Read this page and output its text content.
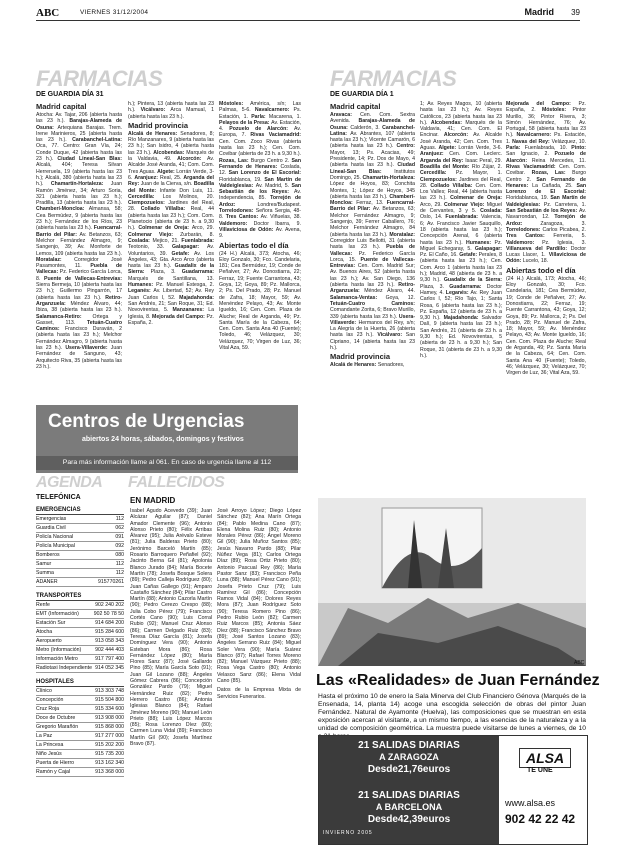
ABC	VIERNES 31/12/2004	Madrid 39
FARMACIAS
DE GUARDIA DÍA 31
Madrid capital
Atocha: Av. Tajar, 206 (abierta hasta las 23 h.). Barajas-Alameda de Osuna: Artequiana Barajas. Trem. Irene Marinieros, 25 (abierta hasta las 23 h.). Carabanchel-Latina: Oca, 77. Centro: Gran Vía, 24; Conde Duque, 42 (abierta hasta las 23 h.). Ciudad Lineal-San Blas: Alcalá, 404; Teresa Silvan Herreruela, 19 (abierta hasta las 23 h.); Alcalá, 380 (abierta hasta las 23 h.). Chamartín-Hortaleza: Juan Ramón Jiménez, 34; Arturo Soria, 321 (abierta hasta las 23 h.); Pradilla, 13 (abierta hasta las 23 h.). Chamberí-Moncloa: Almansa, 58; Cea Bermúdez, 9 (abierta hasta las 23 h.); Fernández de los Ríos, 23 (abierta hasta las 23 h.). Fuencarral-Barrio del Pilar: Av. Betanzos, 63; Melchor Fernández Almagro, 9; Sangenjo, 39; Av. Monforte de Lemos, 109 (abierta hasta las 23 h.). Moratalaz: Corregidor José Pasamontes, 11. Puebla de Vallecas: Pz. Federico García Lorca, 8. Puente de Vallecas-Entrevías: Sierra Bermeja, 10 (abierta hasta las 23 h.); Guillermo Pingarrón, 17 (abierta hasta las 23 h.). Retiro-Arganzuela: Méndez Álvaro, 44; Ibiza, 38 (abierta hasta las 23 h.). Salamanca-Retiro: Ortega y Gasset, 113. Tetuán-Cuatro Caminos: Francisco Duraván, 2 (abierta hasta las 23 h.); Melchor Fernández Almagro, 9 (abierta hasta las 23 h.). Usera-Villaverde: Juan Fernández de Sanguno, 43; Arquitecto Riva, 35 (abierta hasta las 23 h.).
h.); Pintera, 13 (abierta hasta las 23 h.). Vicálvaro: Arca Mamual, 1 (abierta hasta las 23 h.).
Madrid provincia
Alcalá de Henares: Senadores, 8; Río Manzanares, 9 (abierta hasta las 23 h.); San Isidro, 4 (abierta hasta las 23 h.). Alcobendas: Marqués de la Valdavia, 49. Alcorcón: Av. Alcalde José Aranda, 41; Com. Com. Tres Aguas. Algete: Lorrán Verde, 3-6. Aranjuez: Real, 25. Arganda del Rey: Juan de la Cierva, s/n. Boadilla del Monte: Infante Don Luis, 11. Cercedilla: Los Molinos, 20. Ciempozuelos: Jardines del Real, 28. Collado Villalba: Real, 44 (abierta hasta las 23 h.); Com. Com. Planetocio (abierta de 23 h. a 9,30 h.). Colmenar de Oreja: Arco, 29. Colmenar Viejo: Zurbarán, 8. Coslada: Mejico, 21. Fuenlabrada: Teotonio, 33. Galapagar: Av. Voluntarios, 39. Getafe: Av. Los Ángeles, 43; Gta. Arco Arco (abierta hasta las 23 h.). Guadalix de la Sierra: Plaza, 3. Guadarrama: Marqués de Santillana, 13. Humanes: Pz. Manuel Estesga, 2. Leganés: Av. Libertad, 52; Av. Rey Juan Carlos I, 52. Majadahonda: San Andrés, 21; San Roque, 31; Ed. Novovirentas, 5. Manzanares: La Iglesia, 8. Mejorada del Campo: Pz. España, 2.
Móstoles: América, s/n; Las Palmas, 5-6. Navalcarnero: Ps. Estación, 1. Parla: Macarena, 1. Pelayos de la Presa: Av. Estación, 4. Pozuelo de Alarcón: Av. Europa, 7. Rivas Vaciamadrid: Cen. Com. Zoco Rivas (abierta hasta las 23 h.); Cen. Com. Covibar (abierta de 23 h. a 9,30 h.). Rozas, Las: Burgo Centro 2. San Fernando de Henares: Coslada, 12. San Lorenzo de El Escorial: Floridablanca, 19. San Martín de Valdeiglesias: Av. Madrid, 5. San Sebastián de los Reyes: Av. Independencia, 85. Torrejón de Ardoz: Londres/Budapest. Torrelodones: Señora Sergia, 48-8. Tres Cantos: Av. Viñuelas, 38. Valdemoro: Doctor Ibarra, 9. Villaviciosa de Odón: Av. Avena, 9.
Abiertas todo el día
(24 H.) Alcalá, 373; Atocha, 46; Eloy Gonzalo, 30; Fco. Candelaria, 181; Cea Bermúdez, 19; Conde de Peñalver, 27; Av. Donostiarra, 22; Ferraz, 19; Fuente Carrantona, 43; Goya, 12; Goya, 89; Pz. Mallorca, 2; Ps. Del Prado, 28; Pz. Manuel de Zafra, 18; Mayor, 59; Av. Menéndez Pelayo, 43; Av. Monte Igueldo, 16; Cen. Com. Plaza de Aluche; Real de Arganda, 49; Pz. Santa María de la Cabeza, 64; Cen. Com. Santa Ana 40 (Fuente); Toledo, 46; Velázquez, 30; Velázquez, 70; Virgen de Luz, 36; Vital Aza, 59.
FARMACIAS
DE GUARDIA DÍA 1
Madrid capital
Aravaca: Cen. Com. Sextra Avenida. Barajas-Alameda de Osuna: Calderón, 3. Carabanchel-Latina: Av. Abrantes, 107 (abierta hasta las 23 h.); Vicente Camarón, 6 (abierta hasta las 23 h.). Centro: Mayor, 13; Ps. Acacias, 49; Presidente, 14; Pz. Dos de Mayo, 4 (abierta hasta las 23 h.). Ciudad Lineal-San Blas: Institutos Domingo, 25. Chamartín-Hortaleza: López de Hoyos, 83; Conchita Montes, 1; López de Hoyos, 345 (abierta hasta las 23 h.). Chamberí-Moncloa: Ferraz, 13. Fuencarral-Barrio del Pilar: Av. Betanzos, 63; Melchor Fernández Almagro, 9; Sangenjo, 39; Ferrer Caballero, 76; Melchor Fernández Almagro, 84 (abierta hasta las 23 h.). Moratalaz: Corregidor Luis Bellotti, 31 (abierta hasta las 23 h.). Puebla de Vallecas: Pz. Federico García Lorca, 15. Puente de Vallecas-Entrevías: Cen. Com. Madrid Sur; Av. Buenos Aires, 52 (abierta hasta las 23 h.); Av. San Diego, 136 (abierta hasta las 23 h.). Retiro-Arganzuela: Méndez Álvaro, 44. Salamanca-Ventas: Goya, 12. Tetuán-Cuatro Caminos: Comandante Zorita, 6; Bravo Murillo, 339 (abierta hasta las 23 h.). Usera-Villaverde: Hermanos del Rey, s/n; La Alegría de la Huerta, 26 (abierta hasta las 23 h.). Vicálvaro: San Cipriano, 14 (abierta hasta las 23 h.).
Madrid provincia
Alcalá de Henares: Senadores,
1; Av. Reyes Magos, 10 (abierta hasta las 23 h.); Av. Reyes Católicos, 23 (abierta hasta las 23 h.). Alcobendas: Marqués de la Valdavia, 41; Cen. Com. El Encinar. Alcorcón: Av. Alcalde José Aranda, 42; Cen. Com. Tres Aguas. Algete: Lorrán Verde, 3-6. Aranjuez: Cen. Com. Leclerc. Arganda del Rey: Isaac Peral, 29. Boadilla del Monte: Río Zújar, 2. Cercedilla: Pz. Mayor, 1. Ciempozuelos: Jardines del Real, 28. Collado Villalba: Cen. Com. Los Valles; Real, 44 (abierta hasta las 23 h.). Colmenar de Oreja: Arco, 29. Colmenar Viejo: Miguel de Cervantes, 3 y 5. Coslada: Oslo, 14. Fuenlabrada: Valencia, 6; Av. Francisco Javier Sauquillo, 18 (abierta hasta las 23 h.); Concepción Arenal, 6 (abierta hasta las 23 h.). Humanes: Pz. Miguel Echegaray, 5. Galapagar: Pz. El Caño, 16. Getafe: Perales, 8 (abierta hasta las 23 h.); Cen. Com. Arco 1 (abierta hasta las 23 h.); Madrid, 48 (abierta de 23 h. a 9,30 h.). Guadalix de la Sierra: Plaza, 3. Guadarrama: Doctor Hamey, 4. Leganés: Av. Rey Juan Carlos I, 52; Río Tajo, 1; Santa Rosa, 6 (abierta hasta las 23 h.); Pz. España, 12 (abierta de 23 h. a 9,30 h.). Majadahonda: Salvador Dalí, 9 (abierta hasta las 23 h.); San Andrés, 21 (abierta de 23 h. a 9,30 h.); Ed. Novovirentas, 5 (abierta de 23 h. a 9,30 h.); San Roque, 31 (abierta de 23 h. a 9,30 h.).
Mejorada del Campo: Pz. España, 2. Móstoles: Pintor Murillo, 36; Pintor Rivera, 3; Simón Hernández, 76; Av. Portugal, 58 (abierta hasta las 23 h.). Navalcarnero: Ps. Estación, 1. Navas del Rey: Velázquez, 10. Parla: Fuenlabrada, 10. Pinto: San Ignacio, 2. Pozuelo de Alarcón: Reina Mercedes, 11. Rivas Vaciamadrid: Cen. Com. Covibar. Rozas, Las: Burgo Centro 2. San Fernando de Henares: La Cañada, 25. San Lorenzo de El Escorial: Floridablanca, 19. San Martín de Valdeiglesias: Pz. Carretera, 1. San Sebastián de los Reyes: Av. Navarrondan, 12. Torrejón de Ardoz: Zaragoza, 3. Torrelodones: Carlos Picabea, 2. Tres Cantos: Ferreria, 5. Valdemoro: Pz. Iglesia, 3. Villanueva del Pardillo: Doctor Lucas Llacer, 1. Villaviciosa de Odón: Lucelo, 18.
Abiertas todo el día
(24 H.) Alcalá, 173; Atocha, 46; Eloy Gonzalo, 30; Fco. Candelaria, 181; Cea Bermúdez, 19; Conde de Peñalver, 27; Av. Donostiarra, 22; Ferraz, 19; Fuente Carrantona, 43; Goya, 12; Goya, 89; Pz. Mallorca, 2; Ps. Del Prado, 28; Pz. Manuel de Zafra, 18; Mayor, 59; Av. Menéndez Pelayo, 43; Av. Monte Igueldo, 16; Cen. Com. Plaza de Aluche; Real de Arganda, 49; Pz. Santa María de la Cabeza, 64; Cen. Com. Santa Ana 40 (Fuente); Toledo, 46; Velázquez, 30; Velázquez, 70; Virgen de Luz, 36; Vital Aza, 59.
Centros de Urgencias
abiertos 24 horas, sábados, domingos y festivos
Para más información llame al 061. En caso de urgencia llame al 112
AGENDA
TELEFÓNICA
EMERGENCIAS
Emergencias	112
Guardia Civil	062
Policía Nacional	091
Policía Municipal	092
Bomberos	080
Samur	112
Summa	112
ADANER	915770261
TRANSPORTES
Renfe	902 240 202
EMT (Información)	902 50 78 50
Estación Sur	914 684 200
Atocha	915 284 600
Aeropuerto	913 058 343
Metro (Información)	902 444 403
Información Metro	917 797 400
Radiotaxi Independiente	914 052 345
HOSPITALES
Clínico	913 303 748
Concepción	915 504 800
Cruz Roja	915 334 600
Doce de Octubre	913 908 000
Gregorio Marañón	915 868 000
La Paz	917 277 000
La Princesa	915 202 200
Niño Jesús	915 735 200
Puerta de Hierro	913 162 340
Ramón y Cajal	913 368 000
FALLECIDOS
EN MADRID

Isabel Agudo Acevedo (39); Juan Alcázar Aguilar (87); Daniel Amador Clemente (96); Antonio Alonso Prieto (80); Félix Arribas Álvarez (95); Julia Arévalo Esteve (81); Julia Balderas Prieto (80); Jerónimo Barceló Martín (85); Rosario Barroquero Peñafiel (92); Jacinto Berna Gil (81); Apolonia Blanco Jurado (84); María Bocete Martín (78); Josefa Bosque Solera (89); Pedro Calleja Rodríguez (80); Juan Cañas Gallego (91); Amparo Castaño Sánchez (84); Pilar Castro Martín (88); Antonio Cazorla Martín (90); Pedro Cerezo Crespo (88); Julia Cobo Pérez (79); Francisco Cortés Cano (90); Luis Corral Rubio (92); Manuel Cruz Alonso (86); Carmen Delgado Ruiz (83); Teresa Díaz García (81); Josefa Domínguez Vera (90); Antonio Esteban Mora (86); Rosa Fernández López (80); María Flores Sanz (87); José Gallardo Pino (85); María García Soto (91); Juan Gil Lozano (88); Ángeles Gómez Cabrera (86); Concepción González Pardo (79); Miguel Hernández Ruiz (82); Pedro Herrero Castro (86); Antonia Iglesias Blanco (84); Rafael Jiménez Moreno (90); Manuel León Prieto (88); Luis López Marcos (85); Rosa Lorenzo Díez (80); Carmen Luna Vidal (89); Francisco Martín Gil (90); Josefa Martínez Bravo (87).

José Arroyo López; Diego López Sánchez (82); Ana Marín Ortega (84); Pablo Medina Cano (87); Elena Molina Ruiz (80); Antonio Morales Pérez (86); Ángel Moreno Gil (90); Julia Muñoz Santos (85); Jesús Navarro Pardo (88); Pilar Núñez Vega (81); Carlos Ortega Díaz (89); Rosa Ortiz Prieto (80); Antonio Pascual Rey (86); María Pastor Sanz (83); Francisco Peña Luna (88); Manuel Pérez Cano (91); Josefa Prieto Cruz (79); Luis Ramírez Gil (86); Concepción Ramos Vidal (84); Dolores Reyes Mora (87); Juan Rodríguez Soto (90); Teresa Romero Pino (86); Pedro Rubio León (82); Carmen Ruiz Marcos (85); Antonia Sáez Díez (88); Francisco Sánchez Bravo (89); José Santos Lozano (83); Ángeles Serrano Ruiz (84); Miguel Soler Vera (90); María Suárez Blanco (87); Rafael Torres Moreno (82); Manuel Vázquez Prieto (88); Rosa Vega Castro (80); Antonio Velasco Sanz (86); Elena Vidal Cano (85).

Datos de la Empresa Mixta de Servicios Funerarios.

ABC
Las «Realidades» de Juan Fernández
Hasta el próximo 10 de enero la Sala Minerva del Club Financiero Génova (Marqués de la Ensenada, 14, planta 14) acoge una escogida selección de obras del pintor Juan Fernández. Natural de Ayamonte (Huelva), las composiciones que se muestran en esta exposición acercan al visitante, a un mismo tiempo, a las esencias de la naturaleza y a la unidad de composición geométrica. La muestra puede visitarse de lunes a viernes, de 10
21 SALIDAS DIARIAS
A ZARAGOZA
Desde21,76euros
21 SALIDAS DIARIAS
A BARCELONA
Desde42,39euros
INVIERNO 2005
ALSA
TE UNE
www.alsa.es
902 42 22 42
